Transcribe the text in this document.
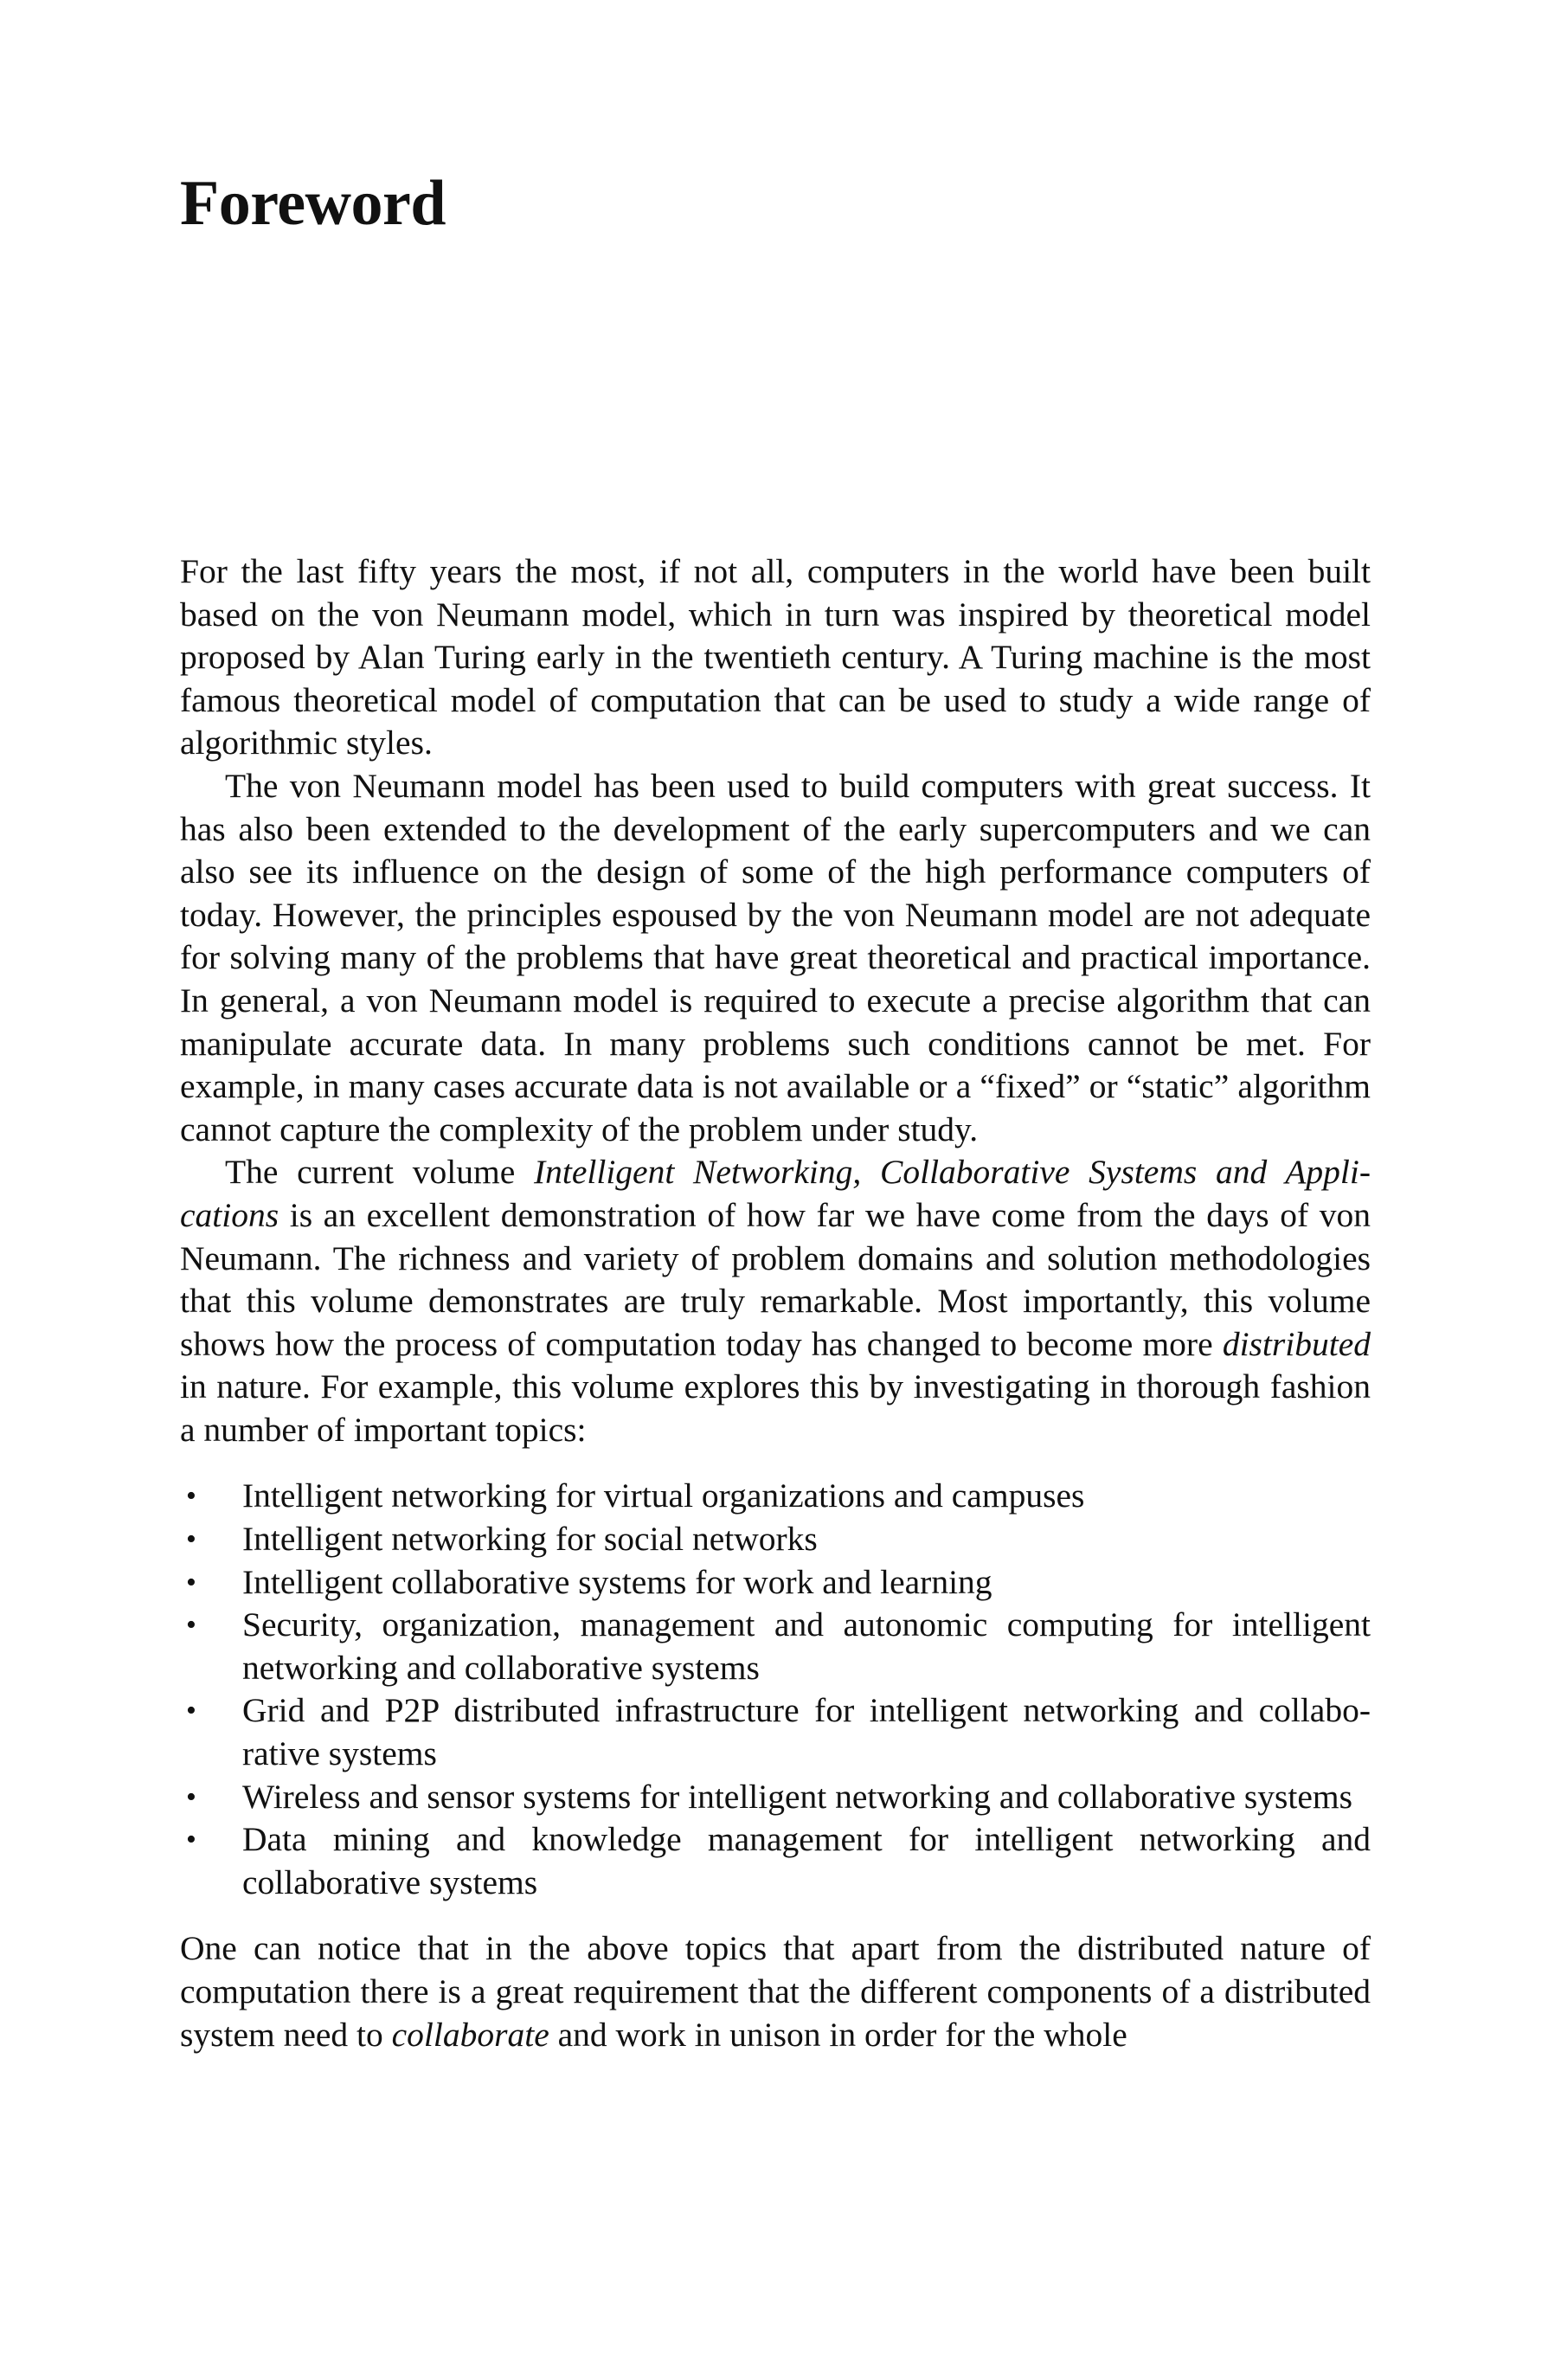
Foreword

For the last fifty years the most, if not all, computers in the world have been built based on the von Neumann model, which in turn was inspired by theoretical model proposed by Alan Turing early in the twentieth century. A Turing machine is the most famous theoretical model of computation that can be used to study a wide range of algorithmic styles.

The von Neumann model has been used to build computers with great success. It has also been extended to the development of the early supercomputers and we can also see its influence on the design of some of the high performance computers of today. However, the principles espoused by the von Neumann model are not adequate for solving many of the problems that have great theoretical and practical importance. In general, a von Neumann model is required to execute a precise algorithm that can manipulate accurate data. In many problems such conditions cannot be met. For example, in many cases accurate data is not available or a “fixed” or “static” algorithm cannot capture the complexity of the problem under study.

The current volume Intelligent Networking, Collaborative Systems and Applications is an excellent demonstration of how far we have come from the days of von Neumann. The richness and variety of problem domains and solution methodologies that this volume demonstrates are truly remarkable. Most importantly, this volume shows how the process of computation today has changed to become more distributed in nature. For example, this volume explores this by investigating in thorough fashion a number of important topics:

• Intelligent networking for virtual organizations and campuses
• Intelligent networking for social networks
• Intelligent collaborative systems for work and learning
• Security, organization, management and autonomic computing for intelligent networking and collaborative systems
• Grid and P2P distributed infrastructure for intelligent networking and collaborative systems
• Wireless and sensor systems for intelligent networking and collaborative systems
• Data mining and knowledge management for intelligent networking and collaborative systems

One can notice that in the above topics that apart from the distributed nature of computation there is a great requirement that the different components of a distributed system need to collaborate and work in unison in order for the whole
